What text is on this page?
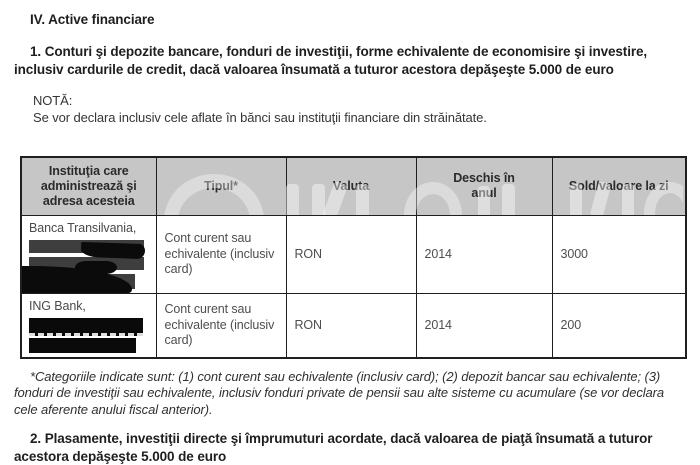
IV. Active financiare

1. Conturi şi depozite bancare, fonduri de investiţii, forme echivalente de economisire şi investire, inclusiv cardurile de credit, dacă valoarea însumată a tuturor acestora depăşeşte 5.000 de euro

NOTĂ:

Se vor declara inclusiv cele aflate în bănci sau instituţii financiare din străinătate.

Instituţia care administrează şi adresa acesteia	Tipul*	Valuta	Deschis în anul	Sold/valoare la zi
Banca Transilvania,	Cont curent sau echivalente (inclusiv card)	RON	2014	3000
ING Bank,	Cont curent sau echivalente (inclusiv card)	RON	2014	200

*Categoriile indicate sunt: (1) cont curent sau echivalente (inclusiv card); (2) depozit bancar sau echivalente; (3) fonduri de investiţii sau echivalente, inclusiv fonduri private de pensii sau alte sisteme cu acumulare (se vor declara cele aferente anului fiscal anterior).

2. Plasamente, investiţii directe şi împrumuturi acordate, dacă valoarea de piaţă însumată a tuturor acestora depăşeşte 5.000 de euro
